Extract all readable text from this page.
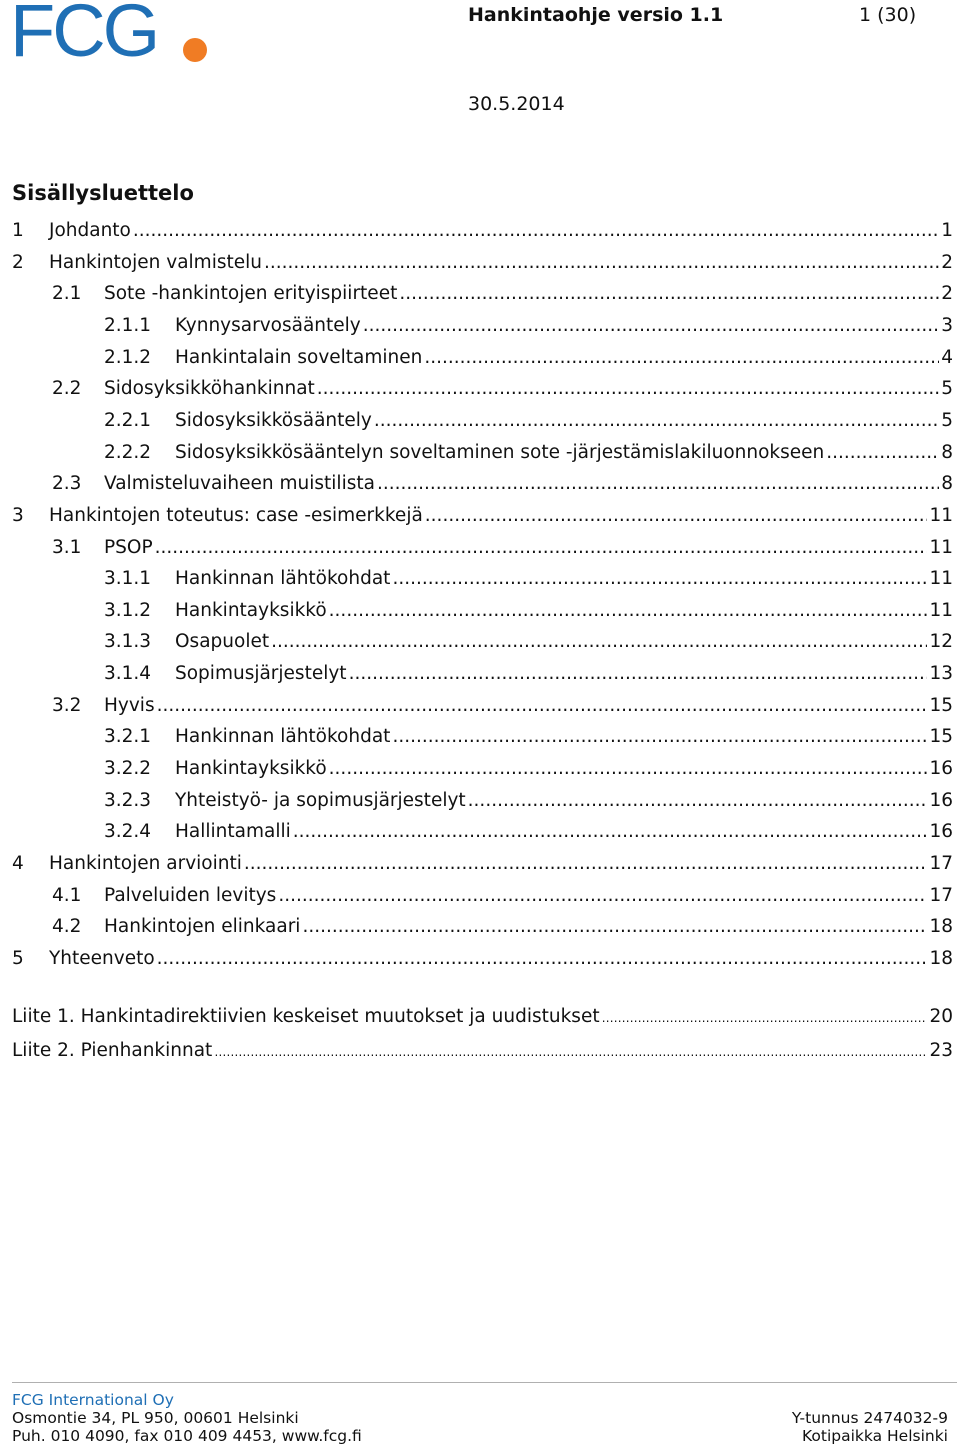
FCG	Hankintaohje versio 1.1	1 (30)
30.5.2014
Sisällysluettelo
1	Johdanto .....	1
2	Hankintojen valmistelu .....	2
2.1	Sote -hankintojen erityispiirteet .....	2
2.1.1	Kynnysarvosääntely .....	3
2.1.2	Hankintalain soveltaminen .....	4
2.2	Sidosyksikköhankinnat .....	5
2.2.1	Sidosyksikkösääntely .....	5
2.2.2	Sidosyksikkösääntelyn soveltaminen sote -järjestämislakiluonnokseen .....	8
2.3	Valmisteluvaiheen muistilista .....	8
3	Hankintojen toteutus: case -esimerkkejä .....	11
3.1	PSOP .....	11
3.1.1	Hankinnan lähtökohdat .....	11
3.1.2	Hankintayksikkö .....	11
3.1.3	Osapuolet .....	12
3.1.4	Sopimusjärjestelyt .....	13
3.2	Hyvis .....	15
3.2.1	Hankinnan lähtökohdat .....	15
3.2.2	Hankintayksikkö .....	16
3.2.3	Yhteistyö- ja sopimusjärjestelyt .....	16
3.2.4	Hallintamalli .....	16
4	Hankintojen arviointi .....	17
4.1	Palveluiden levitys .....	17
4.2	Hankintojen elinkaari .....	18
5	Yhteenveto .....	18
Liite 1. Hankintadirektiivien keskeiset muutokset ja uudistukset ……………………………………………………………………………………………………………………………………………………………………………………………………	20
Liite 2. Pienhankinnat ……………………………………………………………………………………………………………………………………………………………………………………………………	23
FCG International Oy
Osmontie 34, PL 950, 00601 Helsinki
Puh. 010 4090, fax 010 409 4453, www.fcg.fi
Y-tunnus 2474032-9
Kotipaikka Helsinki
